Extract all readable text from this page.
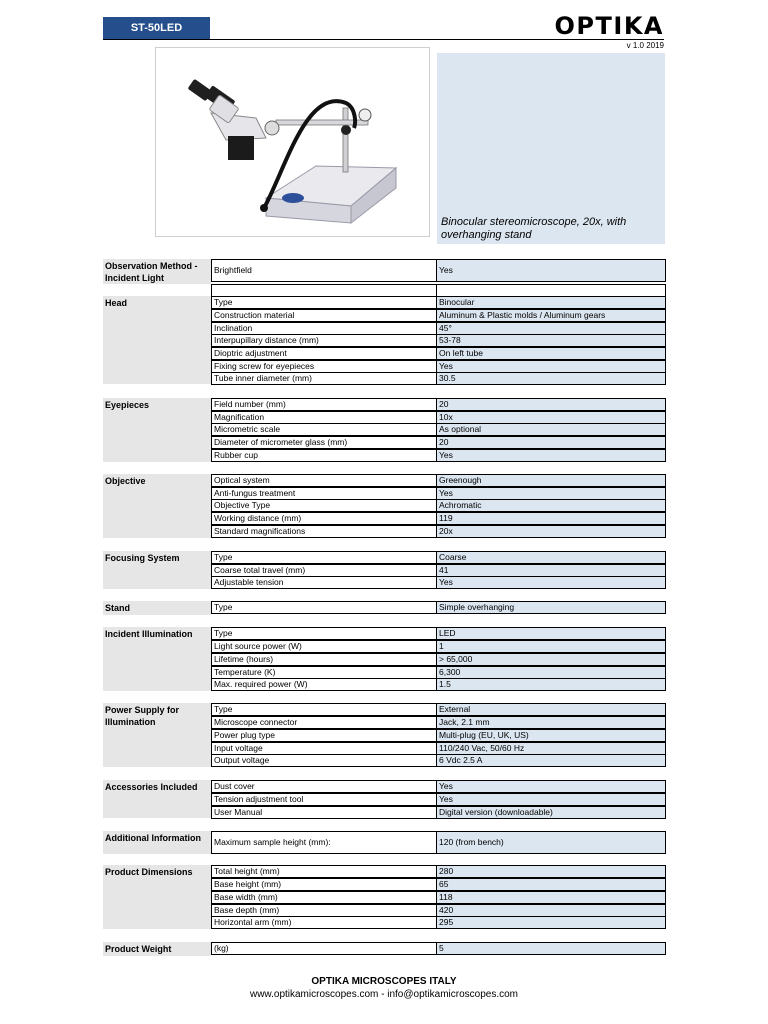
ST-50LED	OPTIKA
v 1.0 2019
Binocular stereomicroscope, 20x, with overhanging stand
Observation Method - Incident Light
Brightfield	Yes
Head	Type	Binocular
Construction material	Aluminum & Plastic molds / Aluminum gears
Inclination	45°
Interpupillary distance (mm)	53-78
Dioptric adjustment	On left tube
Fixing screw for eyepieces	Yes
Tube inner diameter (mm)	30.5
Eyepieces	Field number (mm)	20
Magnification	10x
Micrometric scale	As optional
Diameter of micrometer glass (mm)	20
Rubber cup	Yes
Objective	Optical system	Greenough
Anti-fungus treatment	Yes
Objective Type	Achromatic
Working distance (mm)	119
Standard magnifications	20x
Focusing System	Type	Coarse
Coarse total travel (mm)	41
Adjustable tension	Yes
Stand	Type	Simple overhanging
Incident Illumination	Type	LED
Light source power (W)	1
Lifetime (hours)	> 65,000
Temperature (K)	6,300
Max. required power (W)	1.5
Power Supply for Illumination
Type	External
Microscope connector	Jack, 2.1 mm
Power plug type	Multi-plug (EU, UK, US)
Input voltage	110/240 Vac, 50/60 Hz
Output voltage	6 Vdc 2.5 A
Accessories Included	Dust cover	Yes
Tension adjustment tool	Yes
User Manual	Digital version (downloadable)
Additional Information	Maximum sample height (mm):	120 (from bench)
Product Dimensions	Total height (mm)	280
Base height (mm)	65
Base width (mm)	118
Base depth (mm)	420
Horizontal arm (mm)	295
Product Weight	(kg)	5
OPTIKA MICROSCOPES ITALY
www.optikamicroscopes.com - info@optikamicroscopes.com
